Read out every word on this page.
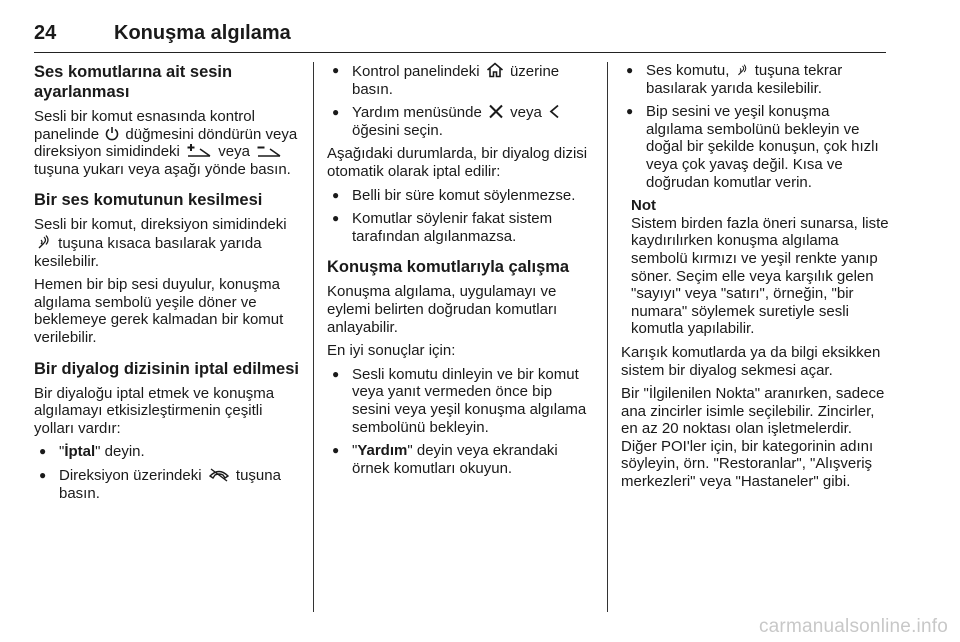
24	Konuşma algılama
Ses komutlarına ait sesin ayarlanması

Sesli bir komut esnasında kontrol panelinde düğmesini döndürün veya direksiyon simidindeki	veya
tuşuna yukarı veya aşağı yönde basın.

Bir ses komutunun kesilmesi

Sesli bir komut, direksiyon simidindeki
tuşuna kısaca basılarak yarıda kesilebilir.

Hemen bir bip sesi duyulur, konuşma algılama sembolü yeşile döner ve beklemeye gerek kalmadan bir komut verilebilir.

Bir diyalog dizisinin iptal edilmesi

Bir diyaloğu iptal etmek ve konuşma algılamayı etkisizleştirmenin çeşitli yolları vardır:

● "İptal" deyin.
● Direksiyon üzerindeki tuşuna basın.
● Kontrol panelindeki üzerine basın.
● Yardım menüsünde veya
öğesini seçin.

Aşağıdaki durumlarda, bir diyalog dizisi otomatik olarak iptal edilir:

● Belli bir süre komut söylenmezse.
● Komutlar söylenir fakat sistem tarafından algılanmazsa.
Konuşma komutlarıyla çalışma

Konuşma algılama, uygulamayı ve eylemi belirten doğrudan komutları anlayabilir.

En iyi sonuçlar için:

● Sesli komutu dinleyin ve bir komut veya yanıt vermeden önce bip sesini veya yeşil konuşma algılama sembolünü bekleyin.
● "Yardım" deyin veya ekrandaki örnek komutları okuyun.
● Ses komutu, tuşuna tekrar basılarak yarıda kesilebilir.
● Bip sesini ve yeşil konuşma algılama sembolünü bekleyin ve doğal bir şekilde konuşun, çok hızlı veya çok yavaş değil. Kısa ve doğrudan komutlar verin.
Not
Sistem birden fazla öneri sunarsa, liste kaydırılırken konuşma algılama sembolü kırmızı ve yeşil renkte yanıp söner. Seçim elle veya karşılık gelen "sayıyı" veya "satırı", örneğin, "bir numara" söylemek suretiyle sesli komutla yapılabilir.

Karışık komutlarda ya da bilgi eksikken sistem bir diyalog sekmesi açar.

Bir "İlgilenilen Nokta" aranırken, sadece ana zincirler isimle seçilebilir. Zincirler, en az 20 noktası olan işletmelerdir. Diğer POI'ler için, bir kategorinin adını söyleyin, örn. "Restoranlar", "Alışveriş merkezleri" veya "Hastaneler" gibi.

carmanualsonline.info
